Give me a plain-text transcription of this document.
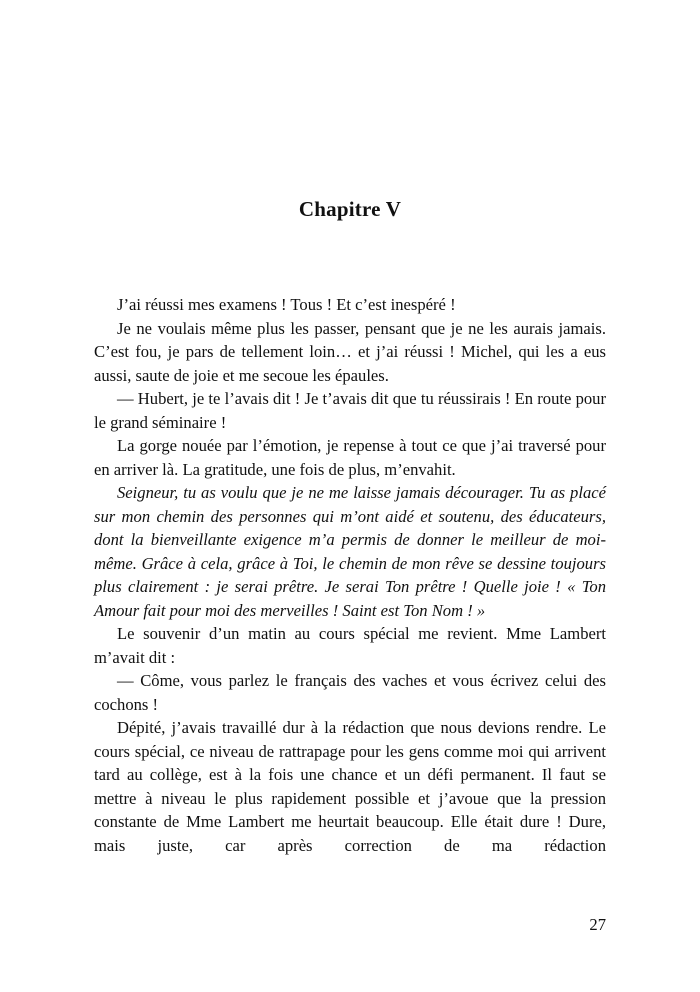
Chapitre V

J’ai réussi mes examens ! Tous ! Et c’est inespéré !

Je ne voulais même plus les passer, pensant que je ne les aurais jamais. C’est fou, je pars de tellement loin… et j’ai réussi ! Michel, qui les a eus aussi, saute de joie et me secoue les épaules.

— Hubert, je te l’avais dit ! Je t’avais dit que tu réussirais ! En route pour le grand séminaire !

La gorge nouée par l’émotion, je repense à tout ce que j’ai traversé pour en arriver là. La gratitude, une fois de plus, m’envahit.

Seigneur, tu as voulu que je ne me laisse jamais décourager. Tu as placé sur mon chemin des personnes qui m’ont aidé et soutenu, des éducateurs, dont la bienveillante exigence m’a permis de donner le meilleur de moi-même. Grâce à cela, grâce à Toi, le chemin de mon rêve se dessine toujours plus clairement : je serai prêtre. Je serai Ton prêtre ! Quelle joie ! « Ton Amour fait pour moi des merveilles ! Saint est Ton Nom ! »

Le souvenir d’un matin au cours spécial me revient. Mme Lambert m’avait dit :

— Côme, vous parlez le français des vaches et vous écrivez celui des cochons !

Dépité, j’avais travaillé dur à la rédaction que nous devions rendre. Le cours spécial, ce niveau de rattrapage pour les gens comme moi qui arrivent tard au collège, est à la fois une chance et un défi permanent. Il faut se mettre à niveau le plus rapidement possible et j’avoue que la pression constante de Mme Lambert me heurtait beaucoup. Elle était dure ! Dure, mais juste, car après correction de ma rédaction

27
